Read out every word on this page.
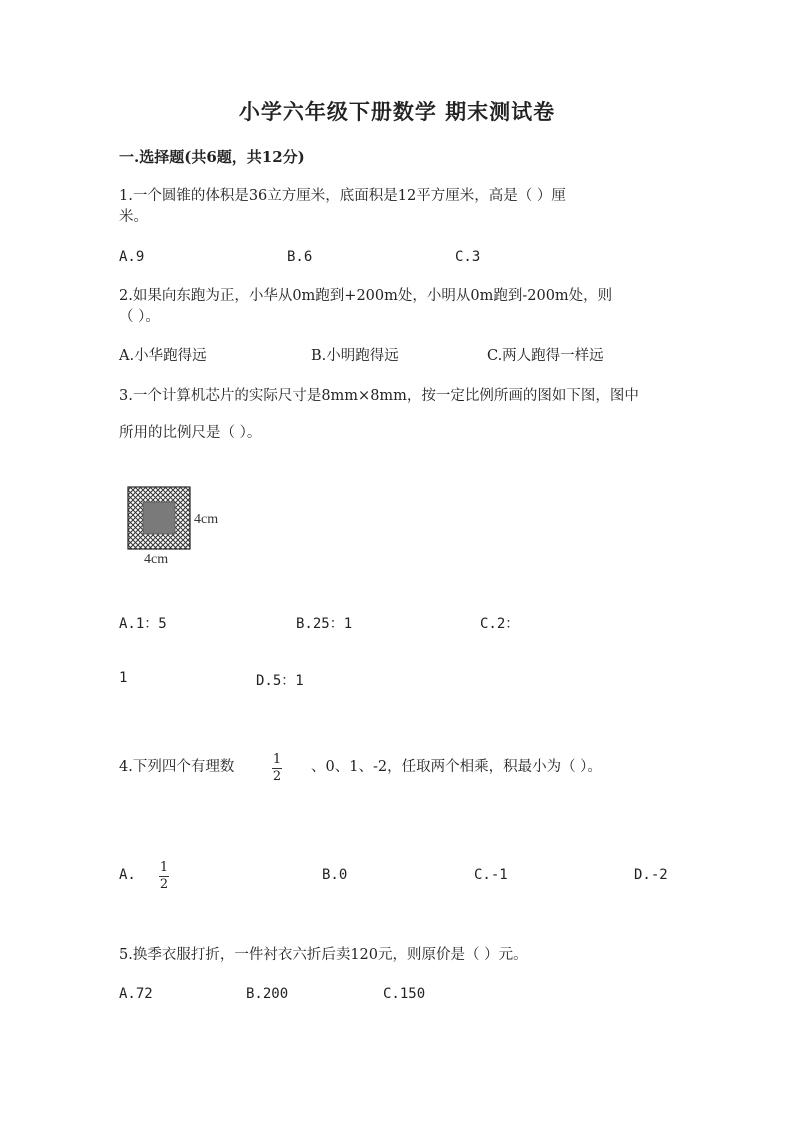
小学六年级下册数学 期末测试卷
一.选择题(共6题，共12分)
1.一个圆锥的体积是36立方厘米，底面积是12平方厘米，高是（ ）厘
米。
A.9	B.6	C.3
2.如果向东跑为正，小华从0m跑到+200m处，小明从0m跑到-200m处，则
（ ）。
A.小华跑得远	B.小明跑得远	C.两人跑得一样远
3.一个计算机芯片的实际尺寸是8mm×8mm，按一定比例所画的图如下图，图中
所用的比例尺是（ ）。
4cm
4cm
A.1：5	B.25：1	C.2：
1	D.5：1
4.下列四个有理数	1
2
、0、1、-2，任取两个相乘，积最小为（ ）。
A. 1
2
B.0	C.-1	D.-2
5.换季衣服打折，一件衬衣六折后卖120元，则原价是（ ）元。
A.72	B.200	C.150
